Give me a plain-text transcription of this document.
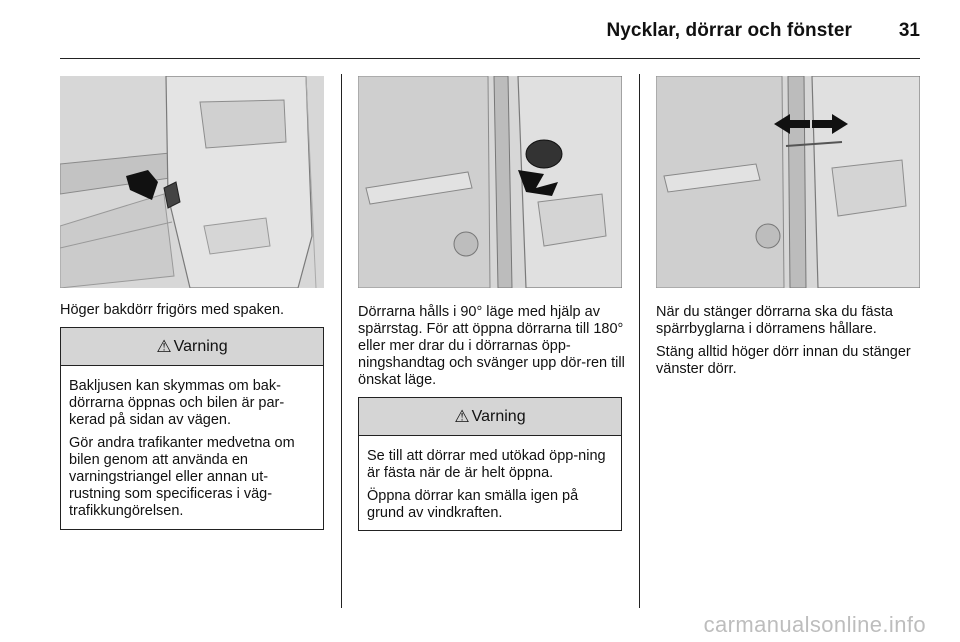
Nycklar, dörrar och fönster	31

Höger bakdörr frigörs med spaken.

⚠ Varning

Bakljusen kan skymmas om bak-dörrarna öppnas och bilen är par-kerad på sidan av vägen.

Gör andra trafikanter medvetna om bilen genom att använda en varningstriangel eller annan ut-rustning som specificeras i väg-trafikkungörelsen.

Dörrarna hålls i 90° läge med hjälp av spärrstag. För att öppna dörrarna till 180° eller mer drar du i dörrarnas öpp-ningshandtag och svänger upp dör-ren till önskat läge.

⚠ Varning

Se till att dörrar med utökad öpp-ning är fästa när de är helt öppna.

Öppna dörrar kan smälla igen på grund av vindkraften.

När du stänger dörrarna ska du fästa spärrbyglarna i dörramens hållare.

Stäng alltid höger dörr innan du stänger vänster dörr.

carmanualsonline.info
